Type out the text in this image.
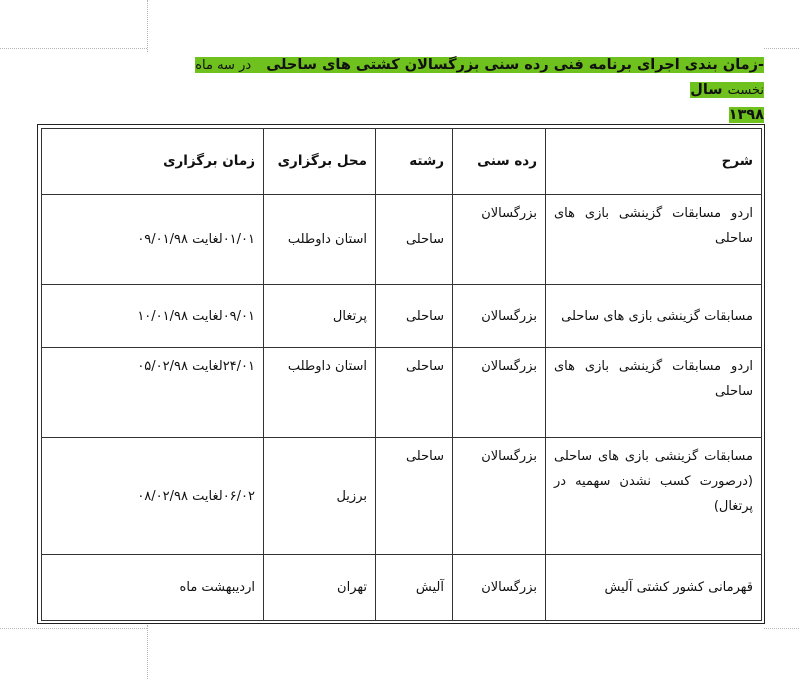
-زمان بندی اجرای برنامه فنی رده سنی بزرگسالان کشتی های ساحلی   در سه ماه نخست سال
۱۳۹۸
شرح	رده سنی	رشته	محل برگزاری	زمان برگزاری
اردو مسابقات گزینشی بازی های ساحلی	بزرگسالان	ساحلی	استان داوطلب	۰۱/۰۱لغایت ۰۹/۰۱/۹۸
مسابقات گزینشی بازی های ساحلی	بزرگسالان	ساحلی	پرتغال	۰۹/۰۱لغایت ۱۰/۰۱/۹۸
اردو مسابقات گزینشی بازی های ساحلی	بزرگسالان	ساحلی	استان داوطلب	۲۴/۰۱لغایت ۰۵/۰۲/۹۸
مسابقات گزینشی بازی های ساحلی (درصورت کسب نشدن سهمیه در پرتغال)	بزرگسالان	ساحلی	برزیل	۰۶/۰۲لغایت ۰۸/۰۲/۹۸
قهرمانی کشور کشتی آلیش	بزرگسالان	آلیش	تهران	اردیبهشت ماه
